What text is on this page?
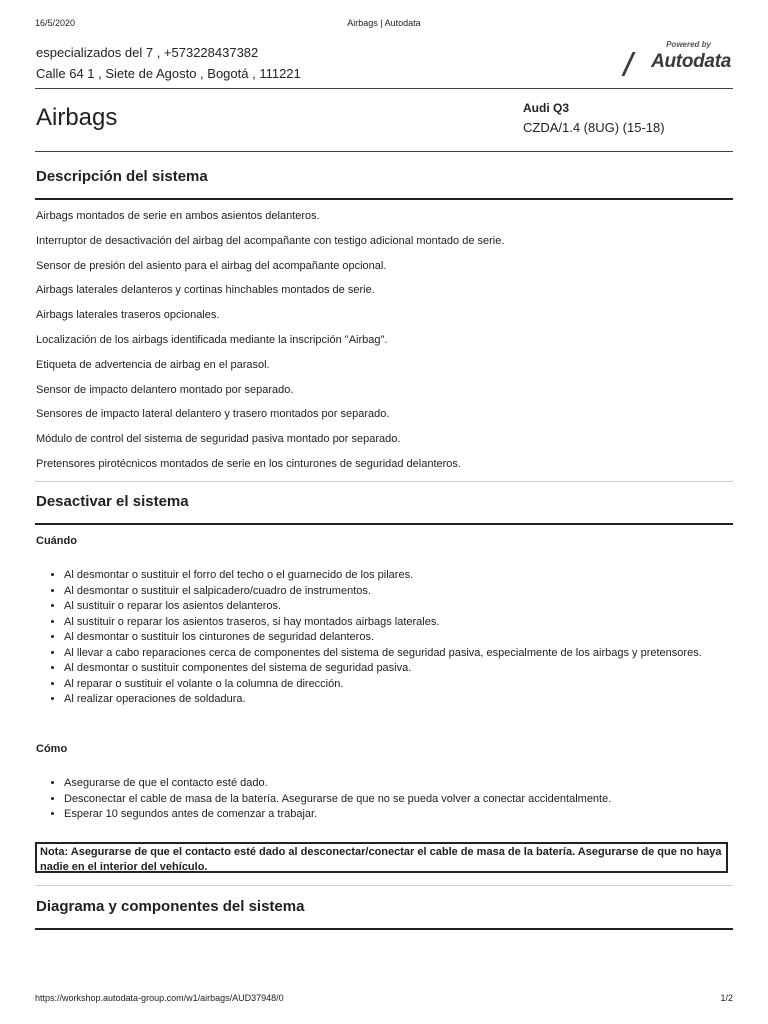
16/5/2020	Airbags | Autodata
especializados del 7 , +573228437382
Calle 64 1 , Siete de Agosto , Bogotá , 111221
Powered by
Autodata
Airbags	Audi Q3
CZDA/1.4 (8UG) (15-18)
Descripción del sistema
Airbags montados de serie en ambos asientos delanteros.
Interruptor de desactivación del airbag del acompañante con testigo adicional montado de serie.
Sensor de presión del asiento para el airbag del acompañante opcional.
Airbags laterales delanteros y cortinas hinchables montados de serie.
Airbags laterales traseros opcionales.
Localización de los airbags identificada mediante la inscripción "Airbag".
Etiqueta de advertencia de airbag en el parasol.
Sensor de impacto delantero montado por separado.
Sensores de impacto lateral delantero y trasero montados por separado.
Módulo de control del sistema de seguridad pasiva montado por separado.
Pretensores pirotécnicos montados de serie en los cinturones de seguridad delanteros.
Desactivar el sistema
Cuándo
• Al desmontar o sustituir el forro del techo o el guarnecido de los pilares.
• Al desmontar o sustituir el salpicadero/cuadro de instrumentos.
• Al sustituir o reparar los asientos delanteros.
• Al sustituir o reparar los asientos traseros, si hay montados airbags laterales.
• Al desmontar o sustituir los cinturones de seguridad delanteros.
• Al llevar a cabo reparaciones cerca de componentes del sistema de seguridad pasiva, especialmente de los airbags y pretensores.
• Al desmontar o sustituir componentes del sistema de seguridad pasiva.
• Al reparar o sustituir el volante o la columna de dirección.
• Al realizar operaciones de soldadura.
Cómo
• Asegurarse de que el contacto esté dado.
• Desconectar el cable de masa de la batería. Asegurarse de que no se pueda volver a conectar accidentalmente.
• Esperar 10 segundos antes de comenzar a trabajar.
Nota: Asegurarse de que el contacto esté dado al desconectar/conectar el cable de masa de la batería. Asegurarse de que no haya nadie en el interior del vehículo.
Diagrama y componentes del sistema
https://workshop.autodata-group.com/w1/airbags/AUD37948/0	1/2
